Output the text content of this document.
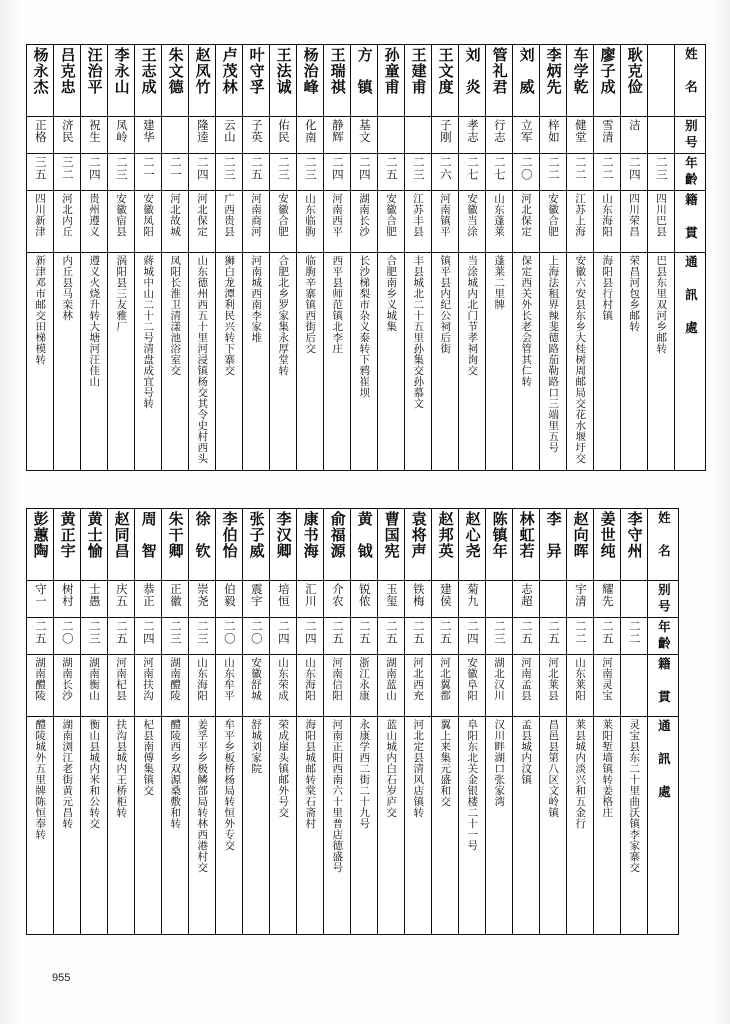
杨永杰	吕克忠	汪治平	李永山	王志成	朱文德	赵凤竹	卢茂林	叶守孚	王法诚	杨治峰	王瑞祺	方　镇	孙童甫	王建甫	王文度	刘　炎	管礼君	刘　威	李炳先	车学乾	廖子成	耿克俭		姓　名

正格	济民	祝生	凤岭	建华		隆逵	云山	子英	佑民	化南	静辉	基文			子刚	孝志	行志	立军	梓如	健堂	雪清	洁		别号

三五	三二	二四	二三	二一	二一	二四	二三	二五	二三	二三	二四	二四	二五	二三	二六	二七	二七	二〇	二二	二二	二二	二四	二三	年齡

四川新津	河北内丘	贵州遵义	安徽宿县	安徽凤阳	河北故城	河北保定	广西贵县	河南商河	安徽合肥	山东临朐	河南西平	湖南长沙	安徽合肥	江苏丰县	河南镇平	安徽当涂	山东蓬莱	河北保定	安徽合肥	江苏上海	山东海阳	四川荣昌	四川巴县	籍　貫

新津邓市邮交田梯模转	内丘县马栾林	遵义火烧升转大塘河汪佳山	涡阳县三友雅厂	蔣城中山二十二号清盘成宜号转	凤阳长淮卫清漾池浴室交	山东德州西五十里河浸镇杨交其令史村西头	狮白龙潭利民兴转下寨交	河南城西南李家堆	合肥北乡罗家集永厚堂转	临朐辛寨镇西街后交	西平县师范镇北李庄	长沙梯梨市杂义泰转下鸦崔坝	合肥南乡义城集	丰县城北二十五里孙集交孙慕文	镇平县内纪公祠后街	当涂城内北门节孝祠询交	蓬莱二里牌	保定西关外长老会管其仁转	上海法租界辣斐德路茄勒路口三端里五号	安徽六安县东乡大桂树周邮局交花水堰圩交	海阳县行村镇	荣昌河包乡邮转	巴县东里双河乡邮转	通　訊　處
彭蕙陶	黄正宇	黄士愉	赵同昌	周　智	朱干卿	徐　钦	李伯怡	张子威	李汉卿	康书海	俞福源	黄　钺	曹国宪	袁将声	赵邦英	赵心尧	陈镇年	林虹若	李　异	赵向晖	姜世纯	李守州	姓　名

守一	树村	士愚	庆五	恭正	正徽	崇尧	伯毅	震宇	培恒	汇川	介农	锐侬	玉玺	铁梅	建侯	菊九		志超		宇清	耀先		别号

二五	二〇	二三	二五	二四	二三	二三	二〇	二〇	二四	二四	二五	二五	二五	二五	二五	二四	二三	二五	二五	二二	二五	二二	年齡

湖南醴陵	湖南长沙	湖南衡山	河南杞县	河南扶沟	湖南醴陵	山东海阳	山东牟平	安徽舒城	山东荣成	山东海阳	河南信阳	浙江永康	湖南蓝山	河北西充	河北翼都	安徽阜阳	湖北汉川	河南孟县	河北莱县	山东莱阳	河南灵宝		籍　貫

醴陵城外五里牌陈恒奉转	湖南浏江老街黄元昌转	衡山县城内米和公转交	扶沟县城内王桥柜转	杞县南傅集镇交	醴陵西乡双源桑敷和转	姜孚平乡极鳞部局转林西港村交	牟平乡板桥杨局转恒外专交	舒城刘家院	荣成崖头镇邮外号交	海阳县城邮转棠石斋村	河南正阳西南六十里普店德盛号	永康学西二街二十九号	蓝山城内白石岁庐交	河北定县清风店镇转	翼上来集元盛和交	阜阳东北关金银楼二十一号	汉川畔湖口张家湾	孟县城内汶镇	昌邑县第八区文岭镇	莱县城内淡兴和五金行	莱阳堑墙镇转姜格庄	灵宝县东二十里曲沃镇李家寨交	通　訊　處
955
